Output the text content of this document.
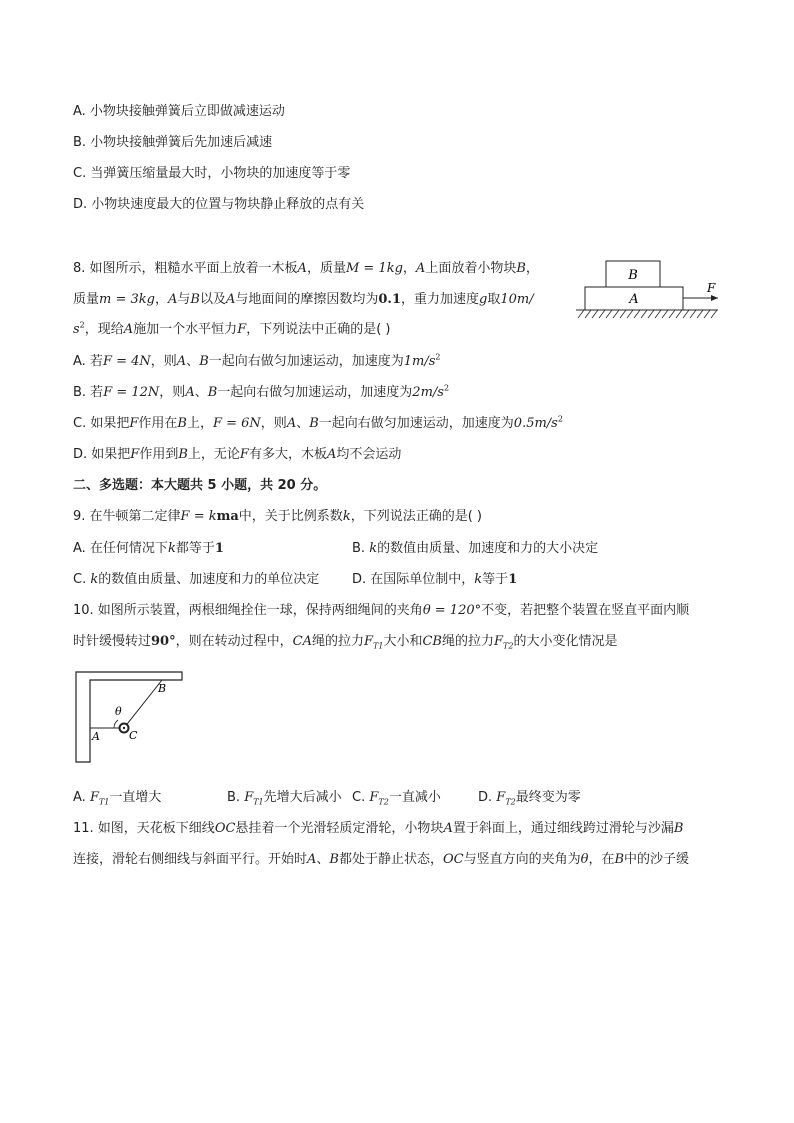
A. 小物块接触弹簧后立即做减速运动
B. 小物块接触弹簧后先加速后减速
C. 当弹簧压缩量最大时，小物块的加速度等于零
D. 小物块速度最大的位置与物块静止释放的点有关
8. 如图所示，粗糙水平面上放着一木板A，质量M = 1kg，A上面放着小物块B，
质量m = 3kg，A与B以及A与地面间的摩擦因数均为0.1，重力加速度g取10m/
$s^2$，现给A施加一个水平恒力F，下列说法中正确的是( )
A. 若F = 4N，则A、B一起向右做匀加速运动，加速度为$1m/s^2$
B. 若F = 12N，则A、B一起向右做匀加速运动，加速度为$2m/s^2$
C. 如果把F作用在B上，F = 6N，则A、B一起向右做匀加速运动，加速度为$0.5m/s^2$
D. 如果把F作用到B上，无论F有多大，木板A均不会运动
B
A
F
二、多选题：本大题共 5 小题，共 20 分。
9. 在牛顿第二定律F = kma中，关于比例系数k，下列说法正确的是( )
A. 在任何情况下k都等于1	B. k的数值由质量、加速度和力的大小决定
C. k的数值由质量、加速度和力的单位决定	D. 在国际单位制中，k等于1
10. 如图所示装置，两根细绳拴住一球，保持两细绳间的夹角θ = 120°不变，若把整个装置在竖直平面内顺
时针缓慢转过90°，则在转动过程中，CA绳的拉力$F_{T1}$大小和CB绳的拉力$F_{T2}$的大小变化情况是
B
θ
A	C
A. $F_{T1}$一直增大	B. $F_{T1}$先增大后减小 C. $F_{T2}$一直减小	D. $F_{T2}$最终变为零
11. 如图，天花板下细线OC悬挂着一个光滑轻质定滑轮，小物块A置于斜面上，通过细线跨过滑轮与沙漏B
连接，滑轮右侧细线与斜面平行。开始时A、B都处于静止状态，OC与竖直方向的夹角为θ，在B中的沙子缓
